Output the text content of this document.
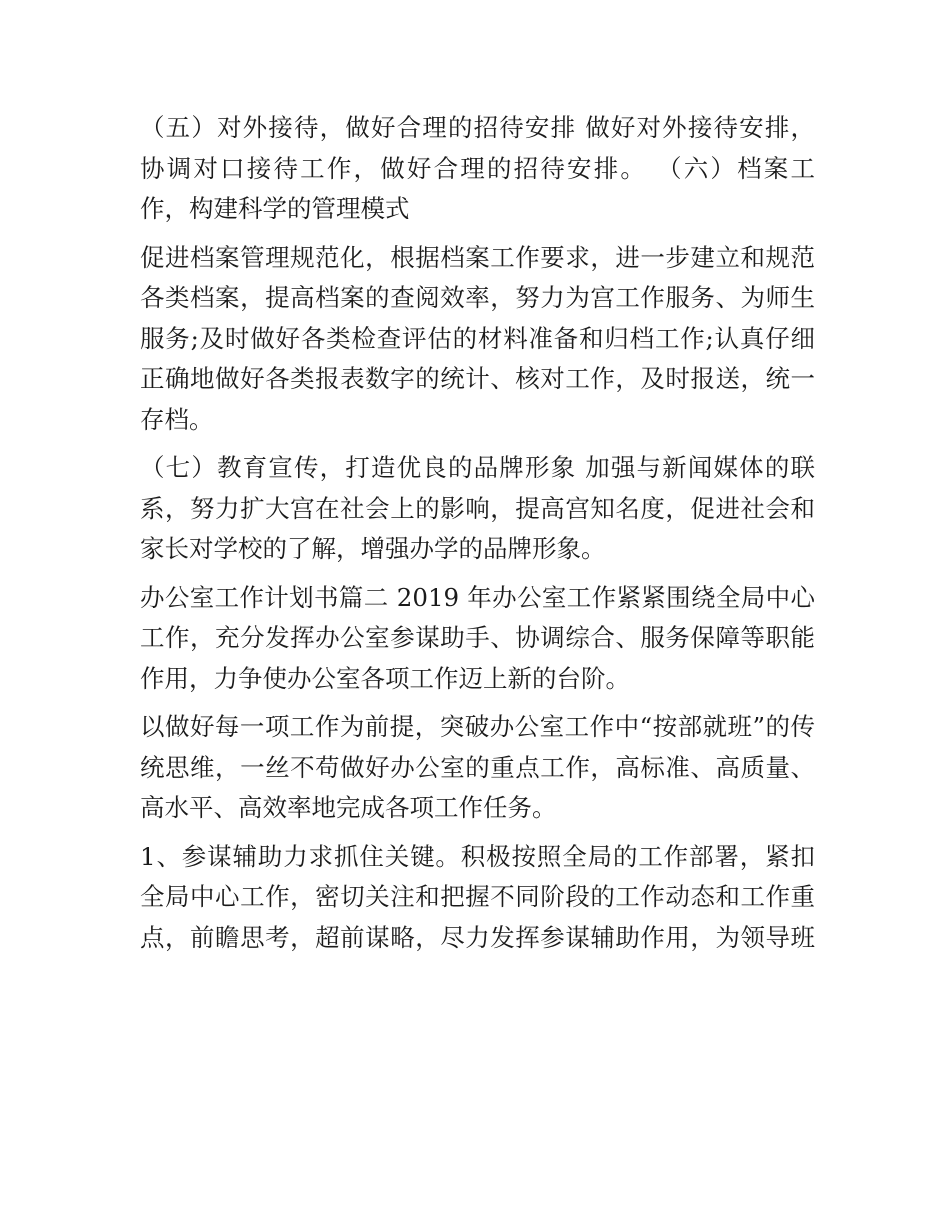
（五）对外接待，做好合理的招待安排 做好对外接待安排，
协调对口接待工作，做好合理的招待安排。 （六）档案工
作，构建科学的管理模式
促进档案管理规范化，根据档案工作要求，进一步建立和规范
各类档案，提高档案的查阅效率，努力为宫工作服务、为师生
服务;及时做好各类检查评估的材料准备和归档工作;认真仔细
正确地做好各类报表数字的统计、核对工作，及时报送，统一
存档。
（七）教育宣传，打造优良的品牌形象 加强与新闻媒体的联
系，努力扩大宫在社会上的影响，提高宫知名度，促进社会和
家长对学校的了解，增强办学的品牌形象。
办公室工作计划书篇二 2019 年办公室工作紧紧围绕全局中心
工作，充分发挥办公室参谋助手、协调综合、服务保障等职能
作用，力争使办公室各项工作迈上新的台阶。
以做好每一项工作为前提，突破办公室工作中“按部就班”的传
统思维，一丝不苟做好办公室的重点工作，高标准、高质量、
高水平、高效率地完成各项工作任务。
1、参谋辅助力求抓住关键。积极按照全局的工作部署，紧扣
全局中心工作，密切关注和把握不同阶段的工作动态和工作重
点，前瞻思考，超前谋略，尽力发挥参谋辅助作用，为领导班
